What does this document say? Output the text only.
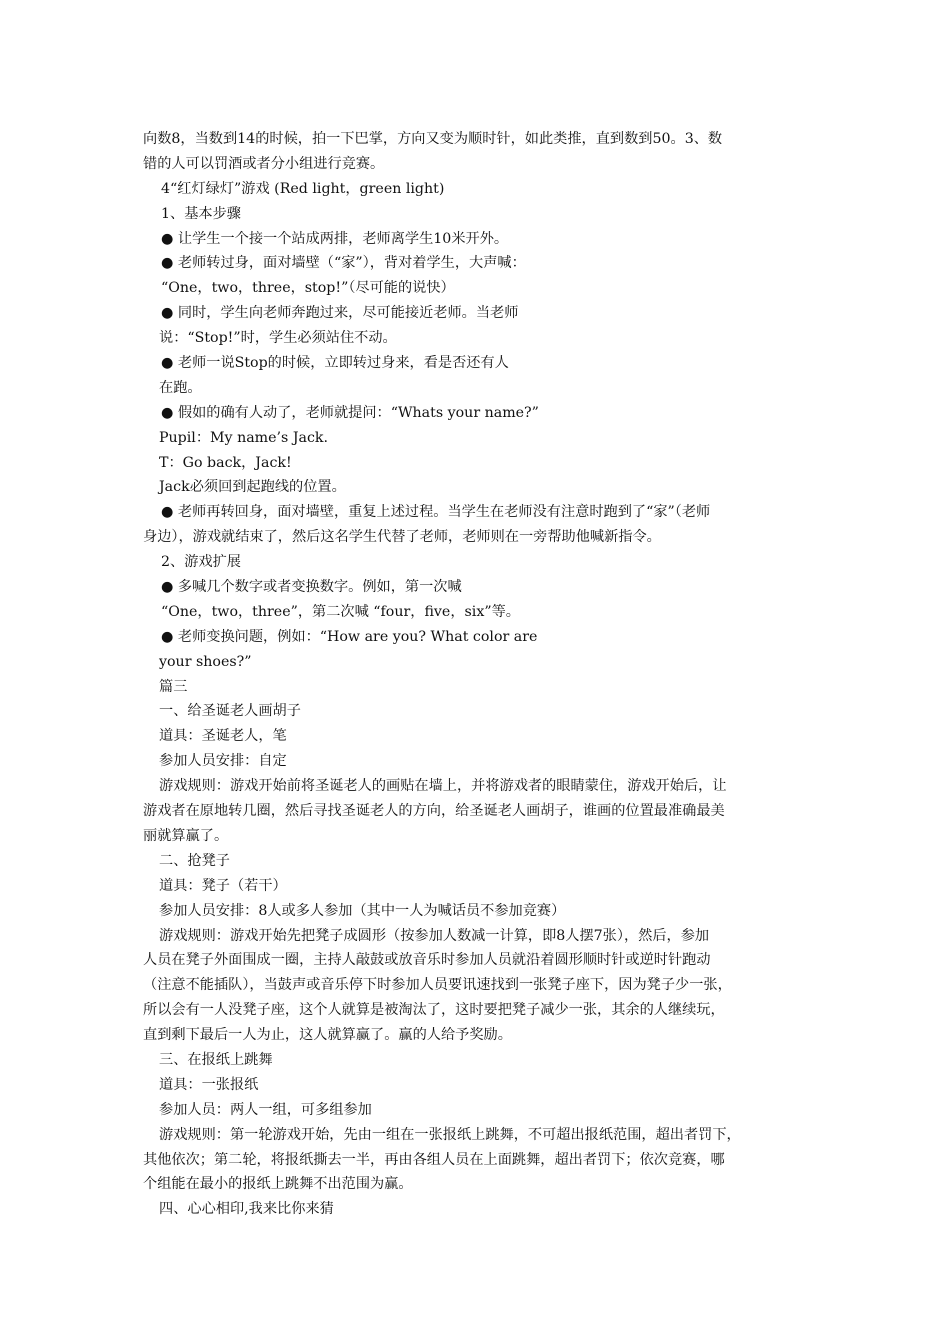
向数8，当数到14的时候，拍一下巴掌，方向又变为顺时针，如此类推，直到数到50。3、数
错的人可以罚酒或者分小组进行竞赛。
4“红灯绿灯”游戏 (Red light，green light)
1、基本步骤
● 让学生一个接一个站成两排，老师离学生10米开外。
● 老师转过身，面对墙壁（“家”），背对着学生，大声喊：
“One，two，three，stop!”（尽可能的说快）
● 同时，学生向老师奔跑过来，尽可能接近老师。当老师
说：“Stop!”时，学生必须站住不动。
● 老师一说Stop的时候，立即转过身来，看是否还有人
在跑。
● 假如的确有人动了，老师就提问：“Whats your name?”
Pupil：My name’s Jack.
T：Go back，Jack!
Jack必须回到起跑线的位置。
● 老师再转回身，面对墙壁，重复上述过程。当学生在老师没有注意时跑到了“家”（老师
身边），游戏就结束了，然后这名学生代替了老师，老师则在一旁帮助他喊新指令。
2、游戏扩展
● 多喊几个数字或者变换数字。例如，第一次喊
“One，two，three”，第二次喊 “four，five，six”等。
● 老师变换问题，例如：“How are you? What color are
your shoes?”
篇三
一、给圣诞老人画胡子
道具：圣诞老人，笔
参加人员安排：自定
游戏规则：游戏开始前将圣诞老人的画贴在墙上，并将游戏者的眼睛蒙住，游戏开始后，让
游戏者在原地转几圈，然后寻找圣诞老人的方向，给圣诞老人画胡子，谁画的位置最准确最美
丽就算赢了。
二、抢凳子
道具：凳子（若干）
参加人员安排：8人或多人参加（其中一人为喊话员不参加竞赛）
游戏规则：游戏开始先把凳子成圆形（按参加人数减一计算，即8人摆7张），然后，参加
人员在凳子外面围成一圈，主持人敲鼓或放音乐时参加人员就沿着圆形顺时针或逆时针跑动
（注意不能插队），当鼓声或音乐停下时参加人员要讯速找到一张凳子座下，因为凳子少一张，
所以会有一人没凳子座，这个人就算是被淘汰了，这时要把凳子减少一张，其余的人继续玩，
直到剩下最后一人为止，这人就算赢了。赢的人给予奖励。
三、在报纸上跳舞
道具：一张报纸
参加人员：两人一组，可多组参加
游戏规则：第一轮游戏开始，先由一组在一张报纸上跳舞，不可超出报纸范围，超出者罚下，
其他依次；第二轮，将报纸撕去一半，再由各组人员在上面跳舞，超出者罚下；依次竞赛，哪
个组能在最小的报纸上跳舞不出范围为赢。
四、心心相印,我来比你来猜
